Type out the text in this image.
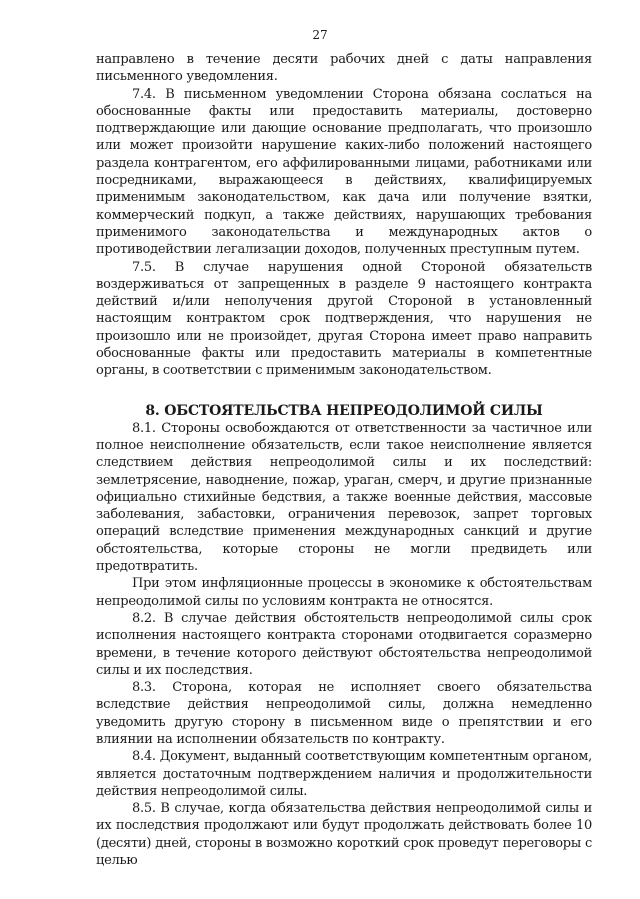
27

направлено в течение десяти рабочих дней с даты направления письменного уведомления.

7.4. В письменном уведомлении Сторона обязана сослаться на обоснованные факты или предоставить материалы, достоверно подтверждающие или дающие основание предполагать, что произошло или может произойти нарушение каких-либо положений настоящего раздела контрагентом, его аффилированными лицами, работниками или посредниками, выражающееся в действиях, квалифицируемых применимым законодательством, как дача или получение взятки, коммерческий подкуп, а также действиях, нарушающих требования применимого законодательства и международных актов о противодействии легализации доходов, полученных преступным путем.

7.5. В случае нарушения одной Стороной обязательств воздерживаться от запрещенных в разделе 9 настоящего контракта действий и/или неполучения другой Стороной в установленный настоящим контрактом срок подтверждения, что нарушения не произошло или не произойдет, другая Сторона имеет право направить обоснованные факты или предоставить материалы в компетентные органы, в соответствии с применимым законодательством.

8. ОБСТОЯТЕЛЬСТВА НЕПРЕОДОЛИМОЙ СИЛЫ

8.1. Стороны освобождаются от ответственности за частичное или полное неисполнение обязательств, если такое неисполнение является следствием действия непреодолимой силы и их последствий: землетрясение, наводнение, пожар, ураган, смерч, и другие признанные официально стихийные бедствия, а также военные действия, массовые заболевания, забастовки, ограничения перевозок, запрет торговых операций вследствие применения международных санкций и другие обстоятельства, которые стороны не могли предвидеть или предотвратить.

При этом инфляционные процессы в экономике к обстоятельствам непреодолимой силы по условиям контракта не относятся.

8.2. В случае действия обстоятельств непреодолимой силы срок исполнения настоящего контракта сторонами отодвигается соразмерно времени, в течение которого действуют обстоятельства непреодолимой силы и их последствия.

8.3. Сторона, которая не исполняет своего обязательства вследствие действия непреодолимой силы, должна немедленно уведомить другую сторону в письменном виде о препятствии и его влиянии на исполнении обязательств по контракту.

8.4. Документ, выданный соответствующим компетентным органом, является достаточным подтверждением наличия и продолжительности действия непреодолимой силы.

8.5. В случае, когда обязательства действия непреодолимой силы и их последствия продолжают или будут продолжать действовать более 10 (десяти) дней, стороны в возможно короткий срок проведут переговоры с целью
